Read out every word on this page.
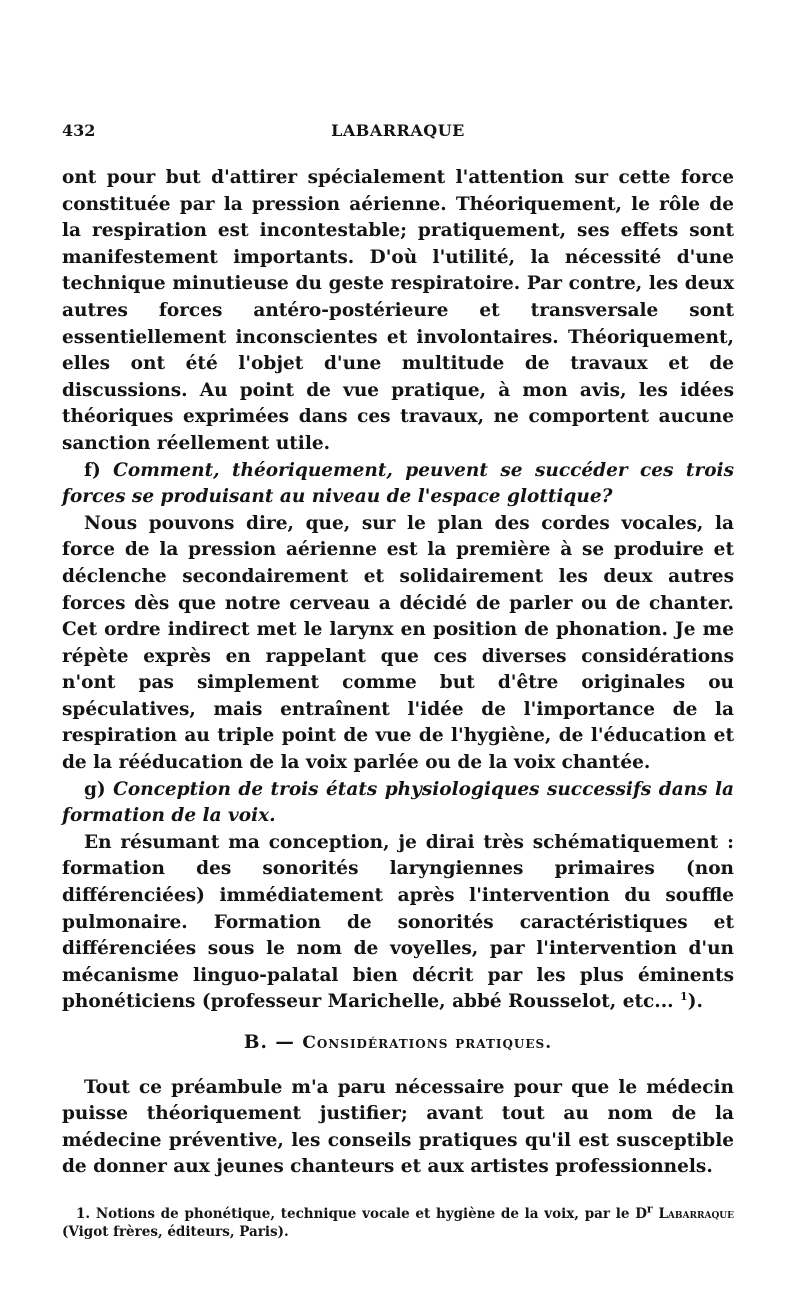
432	LABARRAQUE

ont pour but d'attirer spécialement l'attention sur cette force constituée par la pression aérienne. Théoriquement, le rôle de la respiration est incontestable; pratiquement, ses effets sont manifestement importants. D'où l'utilité, la nécessité d'une technique minutieuse du geste respiratoire. Par contre, les deux autres forces antéro-postérieure et transversale sont essentiellement inconscientes et involontaires. Théoriquement, elles ont été l'objet d'une multitude de travaux et de discussions. Au point de vue pratique, à mon avis, les idées théoriques exprimées dans ces travaux, ne comportent aucune sanction réellement utile.

f) Comment, théoriquement, peuvent se succéder ces trois forces se produisant au niveau de l'espace glottique?

Nous pouvons dire, que, sur le plan des cordes vocales, la force de la pression aérienne est la première à se produire et déclenche secondairement et solidairement les deux autres forces dès que notre cerveau a décidé de parler ou de chanter. Cet ordre indirect met le larynx en position de phonation. Je me répète exprès en rappelant que ces diverses considérations n'ont pas simplement comme but d'être originales ou spéculatives, mais entraînent l'idée de l'importance de la respiration au triple point de vue de l'hygiène, de l'éducation et de la rééducation de la voix parlée ou de la voix chantée.

g) Conception de trois états physiologiques successifs dans la formation de la voix.

En résumant ma conception, je dirai très schématiquement : formation des sonorités laryngiennes primaires (non différenciées) immédiatement après l'intervention du souffle pulmonaire. Formation de sonorités caractéristiques et différenciées sous le nom de voyelles, par l'intervention d'un mécanisme linguo-palatal bien décrit par les plus éminents phonéticiens (professeur Marichelle, abbé Rousselot, etc... $^1$).

B. — Considérations pratiques.

Tout ce préambule m'a paru nécessaire pour que le médecin puisse théoriquement justifier; avant tout au nom de la médecine préventive, les conseils pratiques qu'il est susceptible de donner aux jeunes chanteurs et aux artistes professionnels.

1. Notions de phonétique, technique vocale et hygiène de la voix, par le $D^r$ Labarraque (Vigot frères, éditeurs, Paris).
